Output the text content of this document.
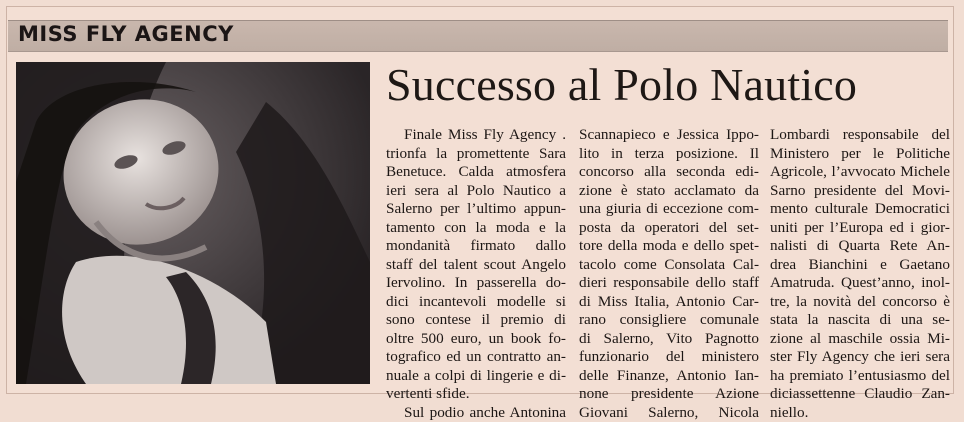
MISS FLY AGENCY
Successo al Polo Nautico
Finale Miss Fly Agency .
trionfa la promettente Sara
Benetuce. Calda atmosfera
ieri sera al Polo Nautico a
Salerno per l’ultimo appun-
tamento con la moda e la
mondanità firmato dallo
staff del talent scout Angelo
Iervolino. In passerella do-
dici incantevoli modelle si
sono contese il premio di
oltre 500 euro, un book fo-
tografico ed un contratto an-
nuale a colpi di lingerie e di-
vertenti sfide.
Sul podio anche Antonina
Scannapieco e Jessica Ippo-
lito in terza posizione. Il
concorso alla seconda edi-
zione è stato acclamato da
una giuria di eccezione com-
posta da operatori del set-
tore della moda e dello spet-
tacolo come Consolata Cal-
dieri responsabile dello staff
di Miss Italia, Antonio Car-
rano consigliere comunale
di Salerno, Vito Pagnotto
funzionario del ministero
delle Finanze, Antonio Ian-
none presidente Azione
Giovani Salerno, Nicola
Lombardi responsabile del
Ministero per le Politiche
Agricole, l’avvocato Michele
Sarno presidente del Movi-
mento culturale Democratici
uniti per l’Europa ed i gior-
nalisti di Quarta Rete An-
drea Bianchini e Gaetano
Amatruda. Quest’anno, inol-
tre, la novità del concorso è
stata la nascita di una se-
zione al maschile ossia Mi-
ster Fly Agency che ieri sera
ha premiato l’entusiasmo del
diciassettenne Claudio Zan-
niello.
